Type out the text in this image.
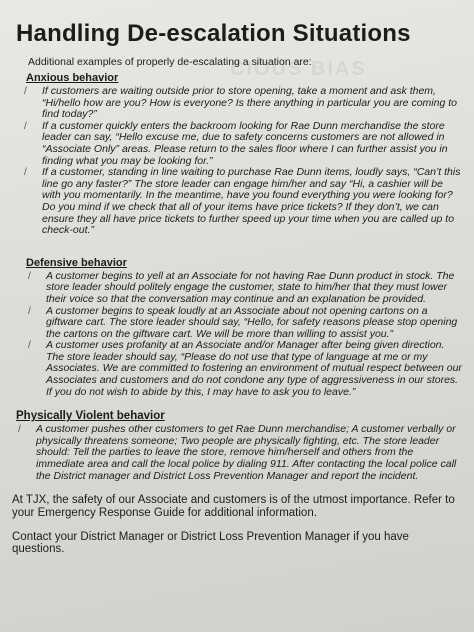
CIOUS BIAS
Handling De-escalation Situations

Additional examples of properly de-escalating a situation are:

Anxious behavior
/ If customers are waiting outside prior to store opening, take a moment and ask them, “Hi/hello how are you? How is everyone? Is there anything in particular you are coming to find today?”
/ If a customer quickly enters the backroom looking for Rae Dunn merchandise the store leader can say, “Hello excuse me, due to safety concerns customers are not allowed in “Associate Only” areas. Please return to the sales floor where I can further assist you in finding what you may be looking for.”
/ If a customer, standing in line waiting to purchase Rae Dunn items, loudly says, “Can’t this line go any faster?” The store leader can engage him/her and say “Hi, a cashier will be with you momentarily. In the meantime, have you found everything you were looking for? Do you mind if we check that all of your items have price tickets? If they don’t, we can ensure they all have price tickets to further speed up your time when you are called up to check-out.”
Defensive behavior
/ A customer begins to yell at an Associate for not having Rae Dunn product in stock. The store leader should politely engage the customer, state to him/her that they must lower their voice so that the conversation may continue and an explanation be provided.
/ A customer begins to speak loudly at an Associate about not opening cartons on a giftware cart. The store leader should say, “Hello, for safety reasons please stop opening the cartons on the giftware cart. We will be more than willing to assist you.”
/ A customer uses profanity at an Associate and/or Manager after being given direction. The store leader should say, “Please do not use that type of language at me or my Associates. We are committed to fostering an environment of mutual respect between our Associates and customers and do not condone any type of aggressiveness in our stores. If you do not wish to abide by this, I may have to ask you to leave.”
Physically Violent behavior
/ A customer pushes other customers to get Rae Dunn merchandise; A customer verbally or physically threatens someone; Two people are physically fighting, etc. The store leader should: Tell the parties to leave the store, remove him/herself and others from the immediate area and call the local police by dialing 911. After contacting the local police call the District manager and District Loss Prevention Manager and report the incident.

At TJX, the safety of our Associate and customers is of the utmost importance. Refer to your Emergency Response Guide for additional information.

Contact your District Manager or District Loss Prevention Manager if you have questions.
